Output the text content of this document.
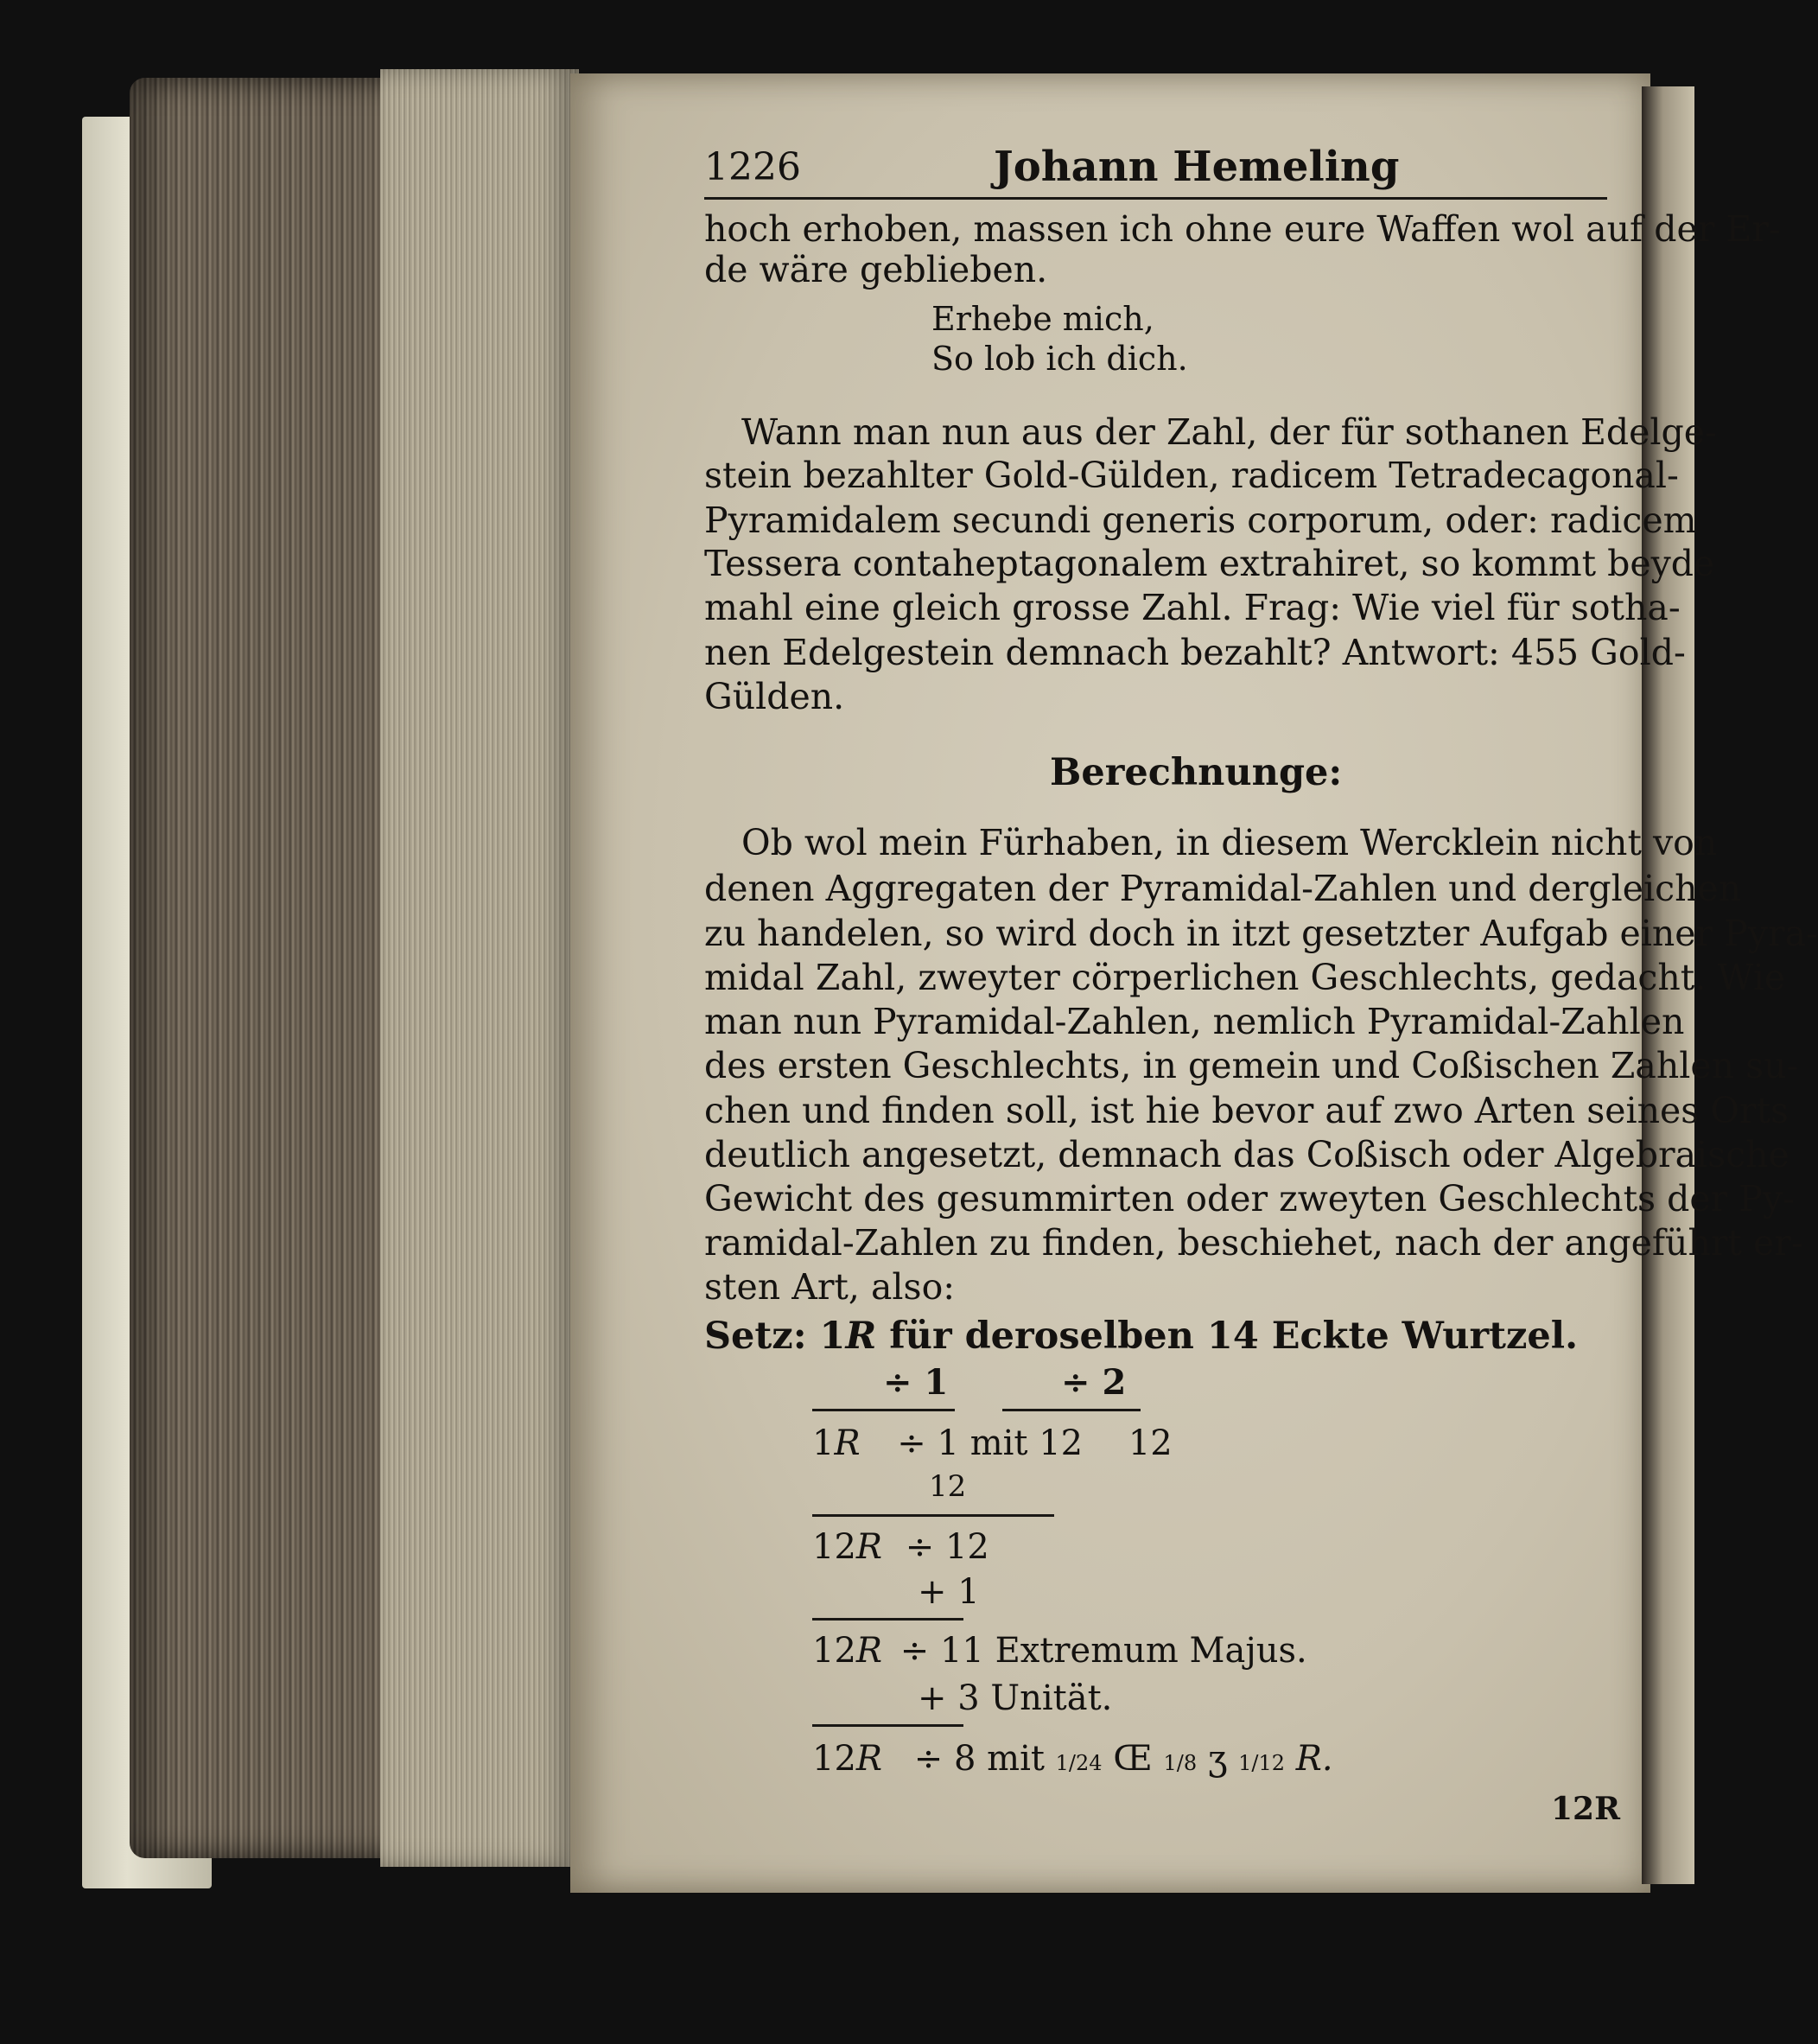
1226	Johann Hemeling
hoch erhoben, massen ich ohne eure Waffen wol auf der Er-
de wäre geblieben.
Erhebe mich,
So lob ich dich.
Wann man nun aus der Zahl, der für sothanen Edelge-
stein bezahlter Gold-Gülden, radicem Tetradecagonal-
Pyramidalem secundi generis corporum, oder: radicem
Tessera contaheptagonalem extrahiret, so kommt beyde
mahl eine gleich grosse Zahl. Frag: Wie viel für sotha-
nen Edelgestein demnach bezahlt? Antwort: 455 Gold-
Gülden.
Berechnunge:
Ob wol mein Fürhaben, in diesem Wercklein nicht von
denen Aggregaten der Pyramidal-Zahlen und dergleichen
zu handelen, so wird doch in itzt gesetzter Aufgab einer Pyra-
midal Zahl, zweyter cörperlichen Geschlechts, gedacht. Wie
man nun Pyramidal-Zahlen, nemlich Pyramidal-Zahlen
des ersten Geschlechts, in gemein und Coßischen Zahlen su-
chen und finden soll, ist hie bevor auf zwo Arten seines Orts
deutlich angesetzt, demnach das Coßisch oder Algebraische
Gewicht des gesummirten oder zweyten Geschlechts der Py-
ramidal-Zahlen zu finden, beschiehet, nach der angeführt er-
sten Art, also:
Setz: 1R für deroselben 14 Eckte Wurtzel.
÷ 1	÷ 2
1R ÷ 1 mit 12 12
12
12R ÷ 12
+ 1
12R ÷ 11 Extremum Majus.
+ 3 Unität.
12R ÷ 8 mit 1/24 Œ 1/8 ʒ 1/12 R.
12R
